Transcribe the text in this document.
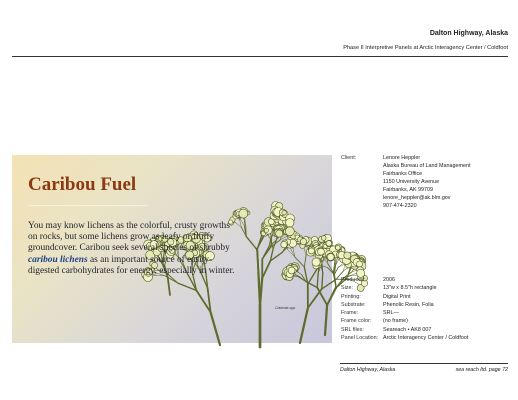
Dalton Highway, Alaska
Phase II Interpretive Panels at Arctic Interagency Center / Coldfoot
Caribou Fuel
You may know lichens as the colorful, crusty growths on rocks, but some lichens grow as leafy or fluffy groundcover. Caribou seek several species of shrubby caribou lichens as an important source of easily-digested carbohydrates for energy, especially in winter.
Cladonia spp.
Client:	Lenore Heppler
Alaska Bureau of Land Management
Fairbanks Office
1150 University Avenue
Fairbanks, AK 99709
lenore_heppler@ak.blm.gov
907-474-2320
Produced:	2006
Size:	13"w x 8.5"h rectangle
Printing:	Digital Print
Substrate:	Phenolic Resin, Folia
Frame:	SRL—
Frame color:	(no frame)
SRL files:	Seareach • AK8 007
Panel Location: Arctic Interagency Center / Coldfoot
Dalton Highway, Alaska	sea reach ltd. page 72
